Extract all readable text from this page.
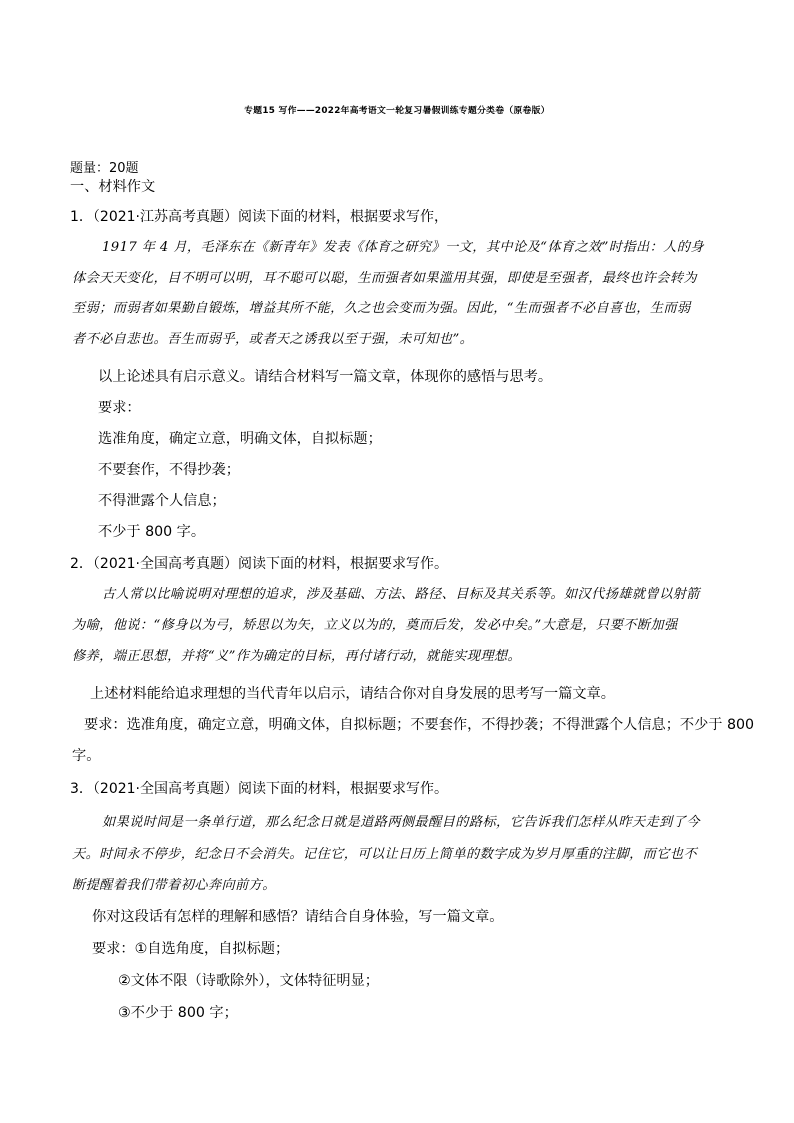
专题15 写作——2022年高考语文一轮复习暑假训练专题分类卷（原卷版）
题量：20题
一、材料作文
1．（2021·江苏高考真题）阅读下面的材料，根据要求写作，
1917 年 4 月，毛泽东在《新青年》发表《体育之研究》一文，其中论及“体育之效”时指出：人的身
体会天天变化，目不明可以明，耳不聪可以聪，生而强者如果滥用其强，即使是至强者，最终也许会转为
至弱；而弱者如果勤自锻炼，增益其所不能，久之也会变而为强。因此，“生而强者不必自喜也，生而弱
者不必自悲也。吾生而弱乎，或者天之诱我以至于强，未可知也”。
以上论述具有启示意义。请结合材料写一篇文章，体现你的感悟与思考。
要求：
选准角度，确定立意，明确文体，自拟标题；
不要套作，不得抄袭；
不得泄露个人信息；
不少于 800 字。
2．（2021·全国高考真题）阅读下面的材料，根据要求写作。
古人常以比喻说明对理想的追求，涉及基础、方法、路径、目标及其关系等。如汉代扬雄就曾以射箭
为喻，他说：“修身以为弓，矫思以为矢，立义以为的，奠而后发，发必中矣。”大意是，只要不断加强
修养，端正思想，并将“义”作为确定的目标，再付诸行动，就能实现理想。
上述材料能给追求理想的当代青年以启示，请结合你对自身发展的思考写一篇文章。
要求：选准角度，确定立意，明确文体，自拟标题；不要套作，不得抄袭；不得泄露个人信息；不少于 800
字。
3．（2021·全国高考真题）阅读下面的材料，根据要求写作。
如果说时间是一条单行道，那么纪念日就是道路两侧最醒目的路标，它告诉我们怎样从昨天走到了今
天。时间永不停步，纪念日不会消失。记住它，可以让日历上简单的数字成为岁月厚重的注脚，而它也不
断提醒着我们带着初心奔向前方。
你对这段话有怎样的理解和感悟？请结合自身体验，写一篇文章。
要求：①自选角度，自拟标题；
②文体不限（诗歌除外），文体特征明显；
③不少于 800 字；
